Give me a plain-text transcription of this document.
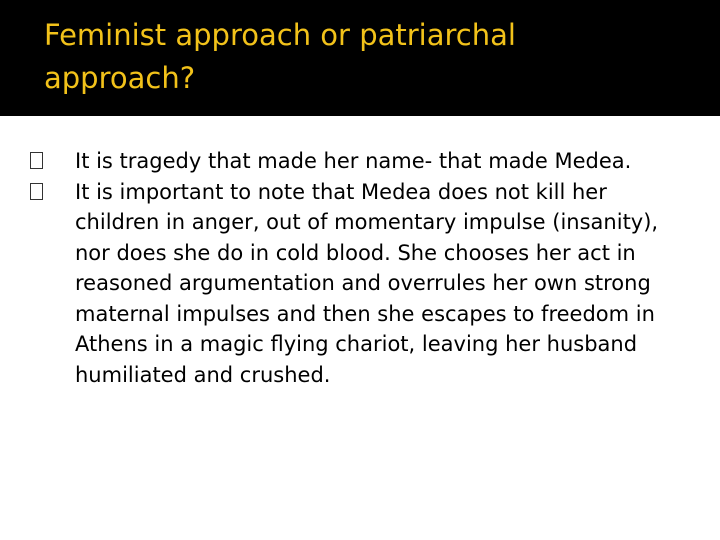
Feminist approach or patriarchal approach?
It is tragedy that made her name- that made Medea.
It is important to note that Medea does not kill her children in anger, out of momentary impulse (insanity), nor does she do in cold blood. She chooses her act in reasoned argumentation and overrules her own strong maternal impulses and then she escapes to freedom in Athens in a magic flying chariot, leaving her husband humiliated and crushed.
